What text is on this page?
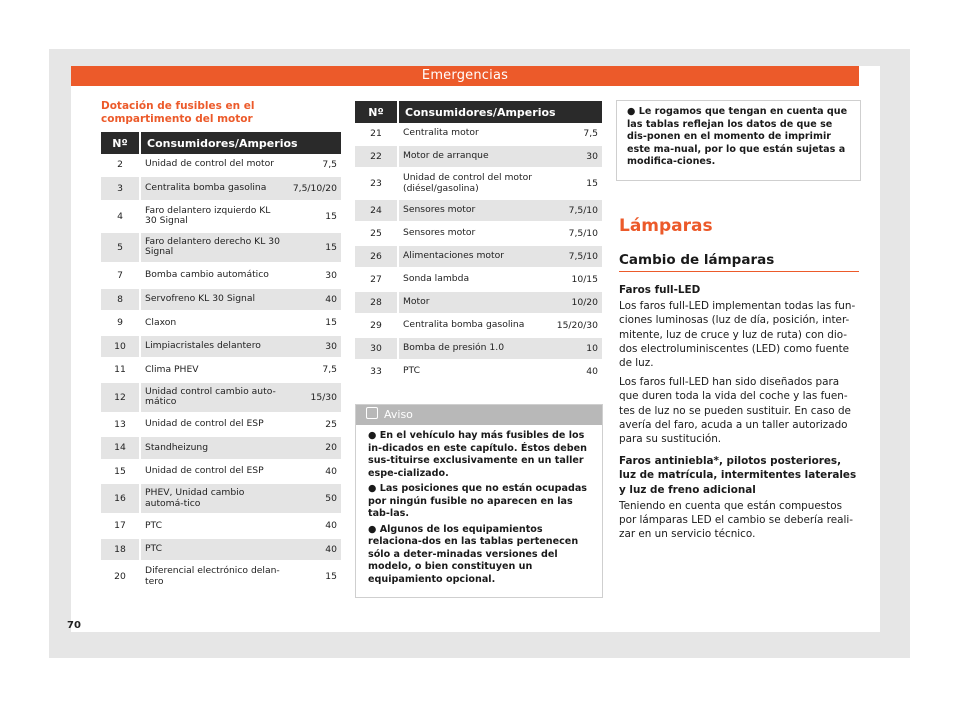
Emergencias
Dotación de fusibles en el compartimento del motor
Nº	Consumidores/Amperios	
2	Unidad de control del motor	7,5
3	Centralita bomba gasolina	7,5/10/20
4	Faro delantero izquierdo KL 30 Signal	15
5	Faro delantero derecho KL 30 Signal	15
7	Bomba cambio automático	30
8	Servofreno KL 30 Signal	40
9	Claxon	15
10	Limpiacristales delantero	30
11	Clima PHEV	7,5
12	Unidad control cambio auto-mático	15/30
13	Unidad de control del ESP	25
14	Standheizung	20
15	Unidad de control del ESP	40
16	PHEV, Unidad cambio automá-tico	50
17	PTC	40
18	PTC	40
20	Diferencial electrónico delan-tero	15
Nº	Consumidores/Amperios	
21	Centralita motor	7,5
22	Motor de arranque	30
23	Unidad de control del motor (diésel/gasolina)	15
24	Sensores motor	7,5/10
25	Sensores motor	7,5/10
26	Alimentaciones motor	7,5/10
27	Sonda lambda	10/15
28	Motor	10/20
29	Centralita bomba gasolina	15/20/30
30	Bomba de presión 1.0	10
33	PTC	40
Aviso

● En el vehículo hay más fusibles de los in-dicados en este capítulo. Éstos deben sus-tituirse exclusivamente en un taller espe-cializado.

● Las posiciones que no están ocupadas por ningún fusible no aparecen en las tab-las.

● Algunos de los equipamientos relaciona-dos en las tablas pertenecen sólo a deter-minadas versiones del modelo, o bien constituyen un equipamiento opcional.

● Le rogamos que tengan en cuenta que las tablas reflejan los datos de que se dis-ponen en el momento de imprimir este ma-nual, por lo que están sujetas a modifica-ciones.

Lámparas
Cambio de lámparas

Faros full-LED

Los faros full-LED implementan todas las fun-ciones luminosas (luz de día, posición, inter-mitente, luz de cruce y luz de ruta) con dio-dos electroluminiscentes (LED) como fuente de luz.

Los faros full-LED han sido diseñados para que duren toda la vida del coche y las fuen-tes de luz no se pueden sustituir. En caso de avería del faro, acuda a un taller autorizado para su sustitución.

Faros antiniebla*, pilotos posteriores, luz de matrícula, intermitentes laterales y luz de freno adicional

Teniendo en cuenta que están compuestos por lámparas LED el cambio se debería reali-zar en un servicio técnico.

70
